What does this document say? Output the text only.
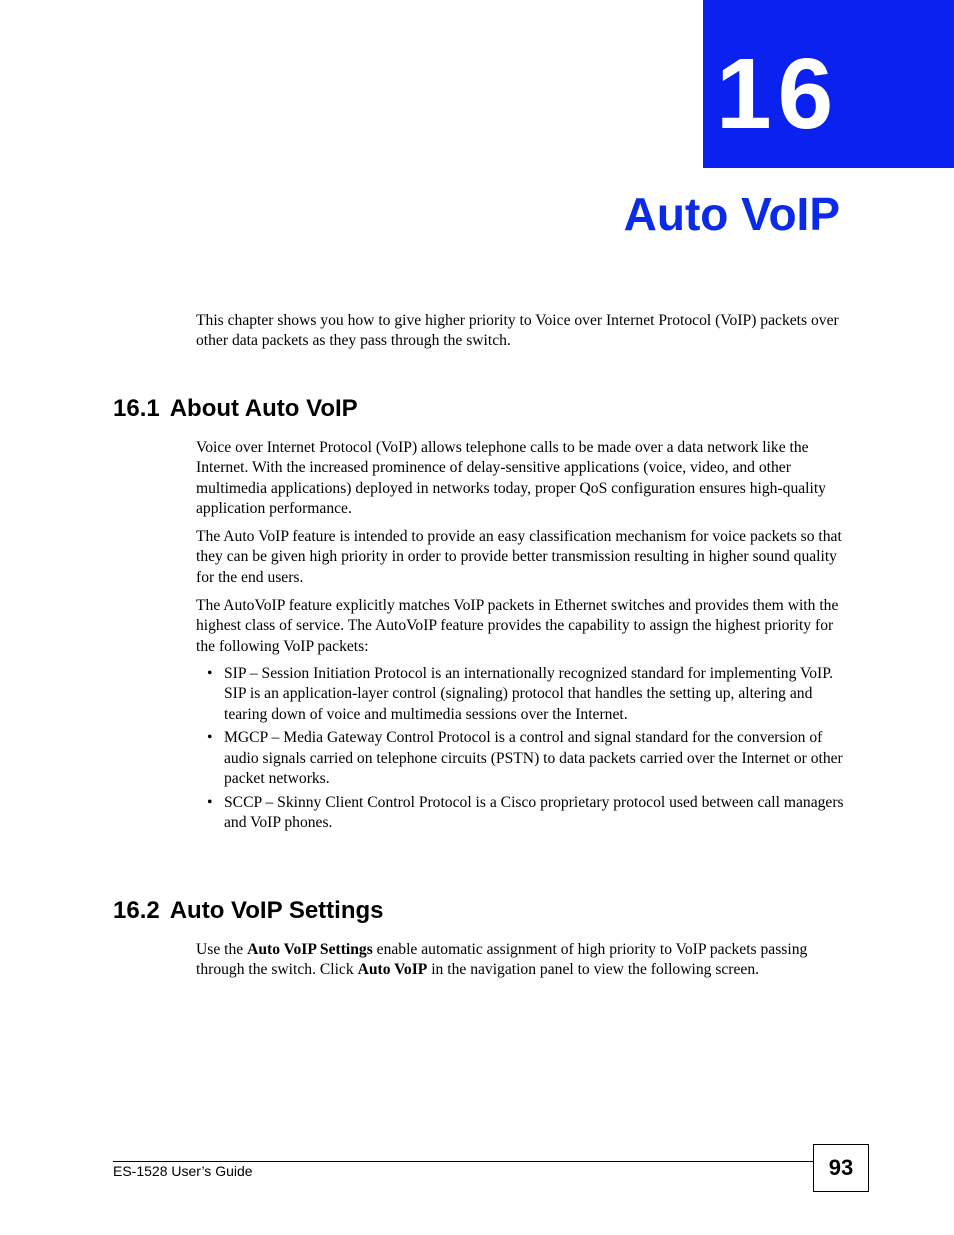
16
Auto VoIP

This chapter shows you how to give higher priority to Voice over Internet Protocol (VoIP) packets over other data packets as they pass through the switch.

16.1 About Auto VoIP

Voice over Internet Protocol (VoIP) allows telephone calls to be made over a data network like the Internet. With the increased prominence of delay-sensitive applications (voice, video, and other multimedia applications) deployed in networks today, proper QoS configuration ensures high-quality application performance.

The Auto VoIP feature is intended to provide an easy classification mechanism for voice packets so that they can be given high priority in order to provide better transmission resulting in higher sound quality for the end users.

The AutoVoIP feature explicitly matches VoIP packets in Ethernet switches and provides them with the highest class of service. The AutoVoIP feature provides the capability to assign the highest priority for the following VoIP packets:

• SIP – Session Initiation Protocol is an internationally recognized standard for implementing VoIP. SIP is an application-layer control (signaling) protocol that handles the setting up, altering and tearing down of voice and multimedia sessions over the Internet.
• MGCP – Media Gateway Control Protocol is a control and signal standard for the conversion of audio signals carried on telephone circuits (PSTN) to data packets carried over the Internet or other packet networks.
• SCCP – Skinny Client Control Protocol is a Cisco proprietary protocol used between call managers and VoIP phones.
16.2 Auto VoIP Settings

Use the Auto VoIP Settings enable automatic assignment of high priority to VoIP packets passing through the switch. Click Auto VoIP in the navigation panel to view the following screen.

ES-1528 User’s Guide	93
